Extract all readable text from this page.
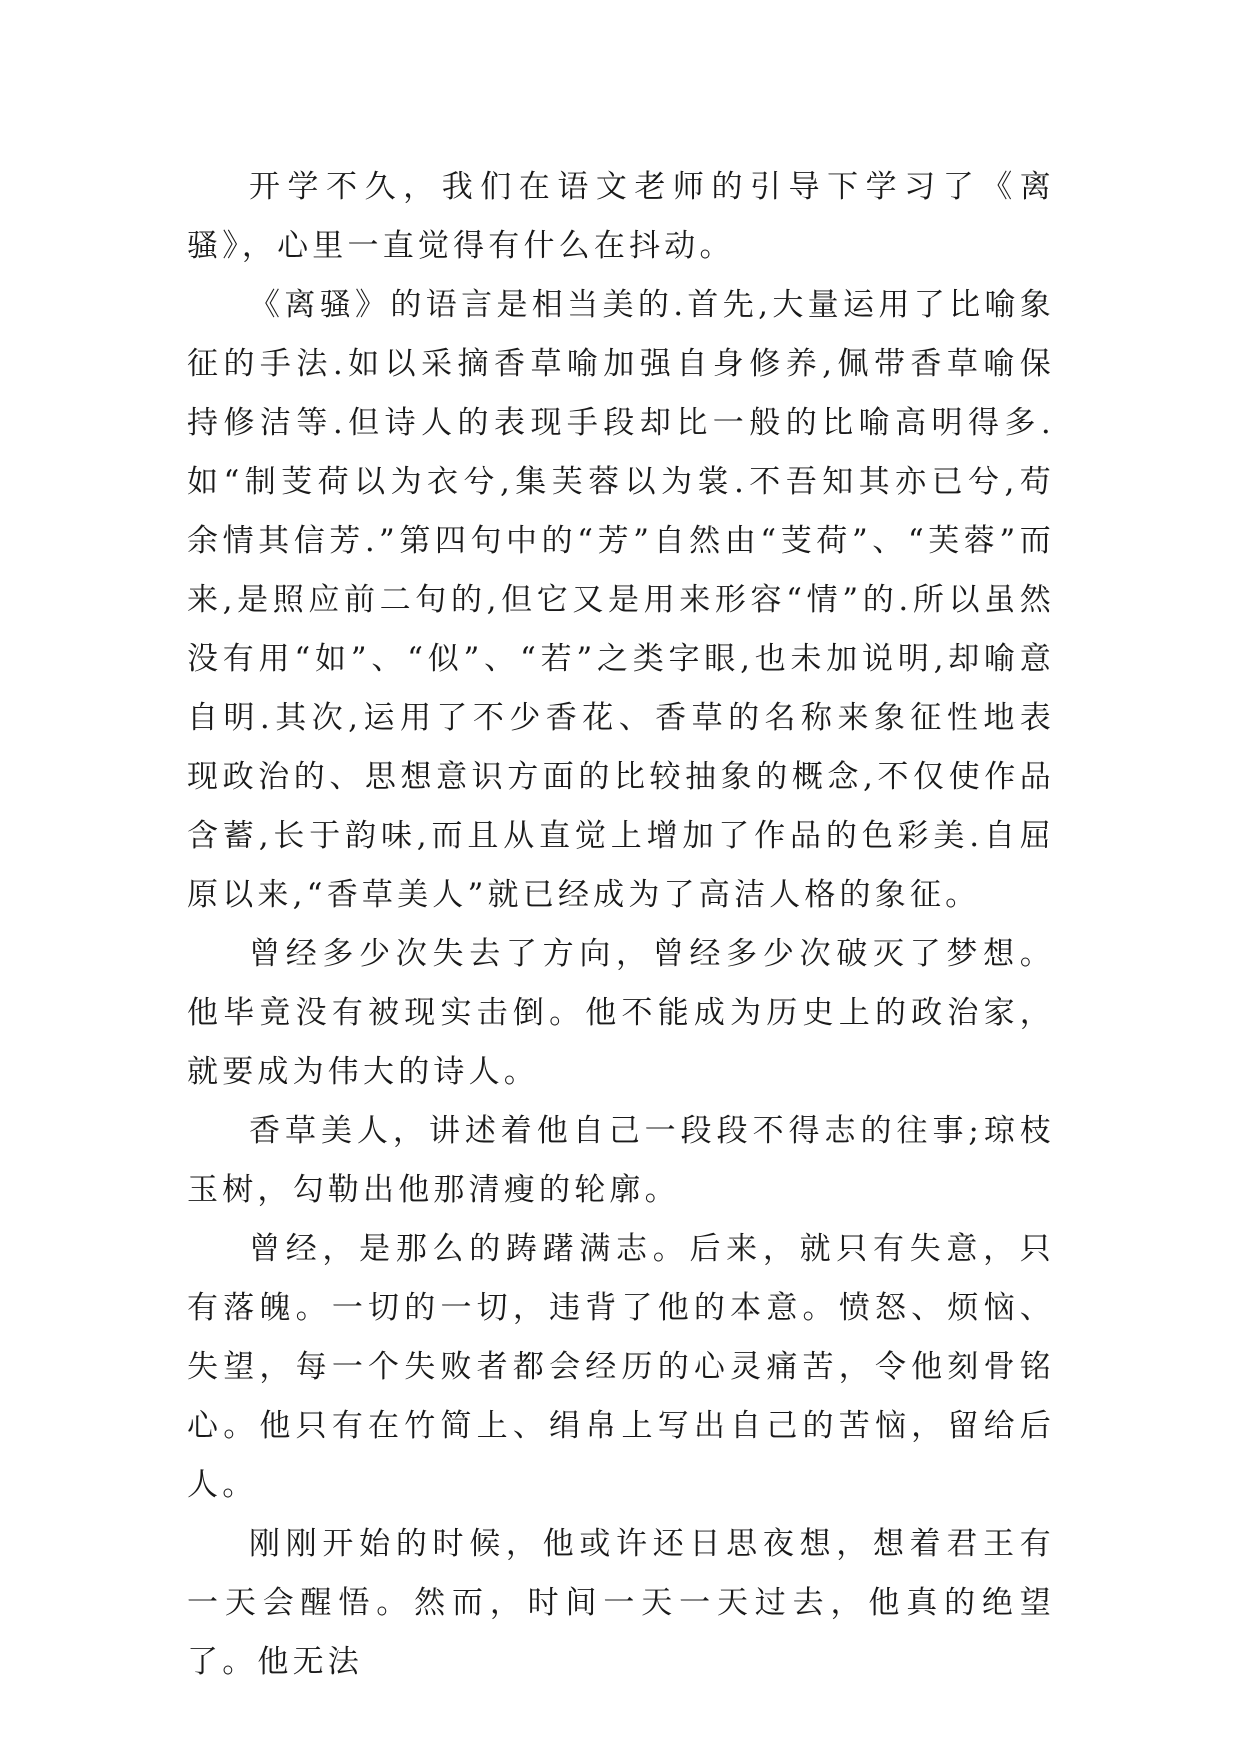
开学不久，我们在语文老师的引导下学习了《离骚》，心里一直觉得有什么在抖动。

《离骚》的语言是相当美的.首先,大量运用了比喻象征的手法.如以采摘香草喻加强自身修养,佩带香草喻保持修洁等.但诗人的表现手段却比一般的比喻高明得多.如“制芰荷以为衣兮,集芙蓉以为裳.不吾知其亦已兮,苟余情其信芳.”第四句中的“芳”自然由“芰荷”、“芙蓉”而来,是照应前二句的,但它又是用来形容“情”的.所以虽然没有用“如”、“似”、“若”之类字眼,也未加说明,却喻意自明.其次,运用了不少香花、香草的名称来象征性地表现政治的、思想意识方面的比较抽象的概念,不仅使作品含蓄,长于韵味,而且从直觉上增加了作品的色彩美.自屈原以来,“香草美人”就已经成为了高洁人格的象征。

曾经多少次失去了方向，曾经多少次破灭了梦想。他毕竟没有被现实击倒。他不能成为历史上的政治家，就要成为伟大的诗人。

香草美人，讲述着他自己一段段不得志的往事;琼枝玉树，勾勒出他那清瘦的轮廓。

曾经，是那么的踌躇满志。后来，就只有失意，只有落魄。一切的一切，违背了他的本意。愤怒、烦恼、失望，每一个失败者都会经历的心灵痛苦，令他刻骨铭心。他只有在竹简上、绢帛上写出自己的苦恼，留给后人。

刚刚开始的时候，他或许还日思夜想，想着君王有一天会醒悟。然而，时间一天一天过去，他真的绝望了。他无法
